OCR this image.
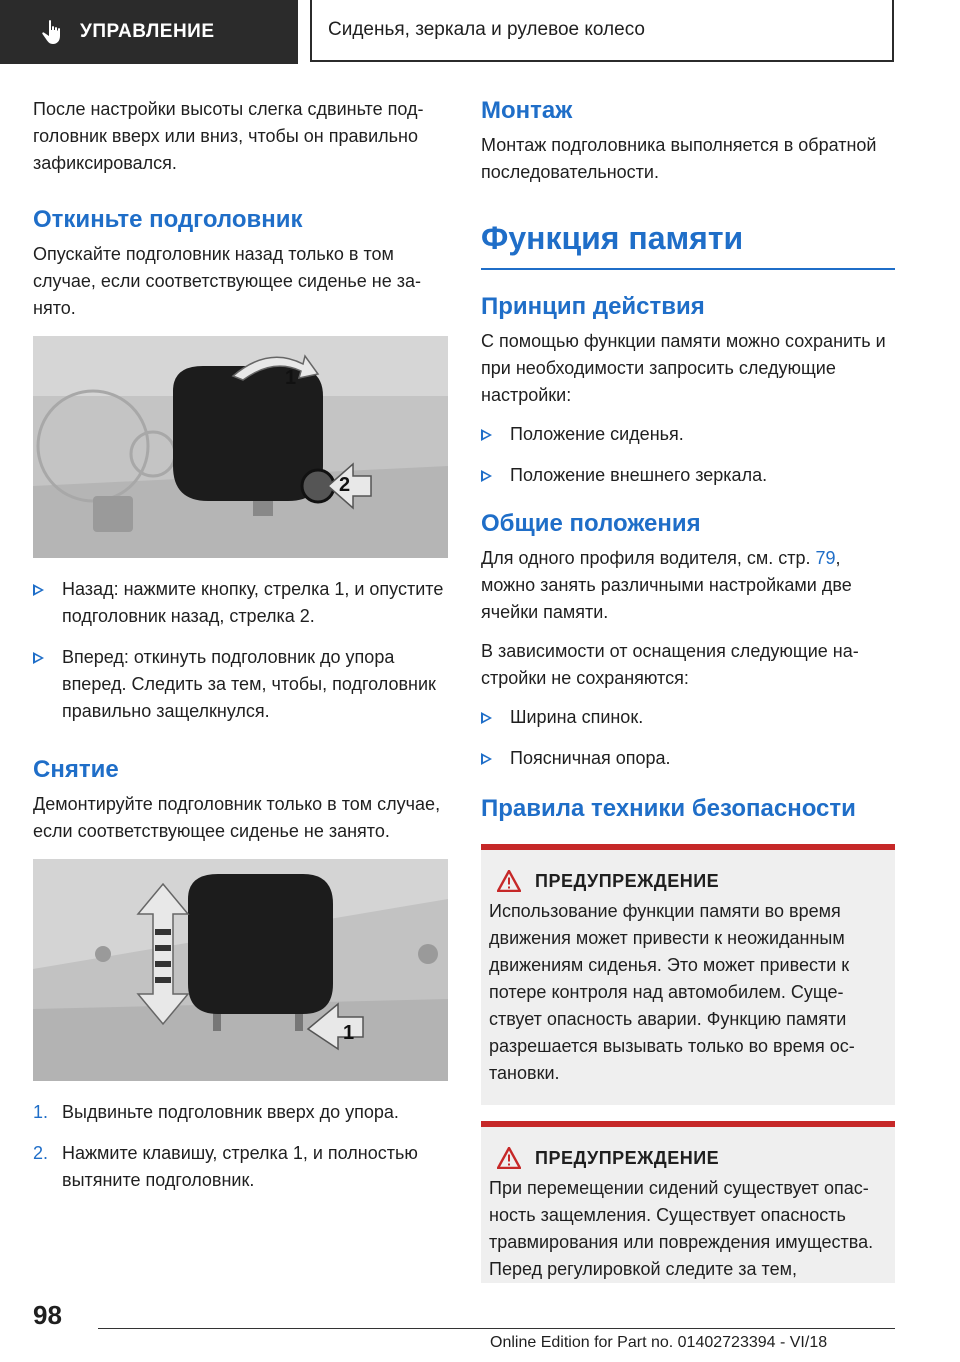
УПРАВЛЕНИЕ	Сиденья, зеркала и рулевое колесо

После настройки высоты слегка сдвиньте подголовник вверх или вниз, чтобы он правильно зафиксировался.

Откиньте подголовник

Опускайте подголовник назад только в том случае, если соответствующее сиденье не занято.

1
2
Назад: нажмите кнопку, стрелка 1, и опустите подголовник назад, стрелка 2.
Вперед: откинуть подголовник до упора вперед. Следить за тем, чтобы, подголовник правильно защелкнулся.
Снятие

Демонтируйте подголовник только в том случае, если соответствующее сиденье не занято.

1
1. Выдвиньте подголовник вверх до упора.
2. Нажмите клавишу, стрелка 1, и полностью вытяните подголовник.
Монтаж

Монтаж подголовника выполняется в обратной последовательности.

Функция памяти
Принцип действия

С помощью функции памяти можно сохранить и при необходимости запросить следующие настройки:

Положение сиденья.
Положение внешнего зеркала.
Общие положения

Для одного профиля водителя, см. стр. 79, можно занять различными настройками две ячейки памяти.

В зависимости от оснащения следующие настройки не сохраняются:

Ширина спинок.
Поясничная опора.
Правила техники безопасности
ПРЕДУПРЕЖДЕНИЕ

Использование функции памяти во время движения может привести к неожиданным движениям сиденья. Это может привести к потере контроля над автомобилем. Существует опасность аварии. Функцию памяти разрешается вызывать только во время остановки.

ПРЕДУПРЕЖДЕНИЕ

При перемещении сидений существует опасность защемления. Существует опасность травмирования или повреждения имущества. Перед регулировкой следите за тем,

98
Online Edition for Part no. 01402723394 - VI/18
